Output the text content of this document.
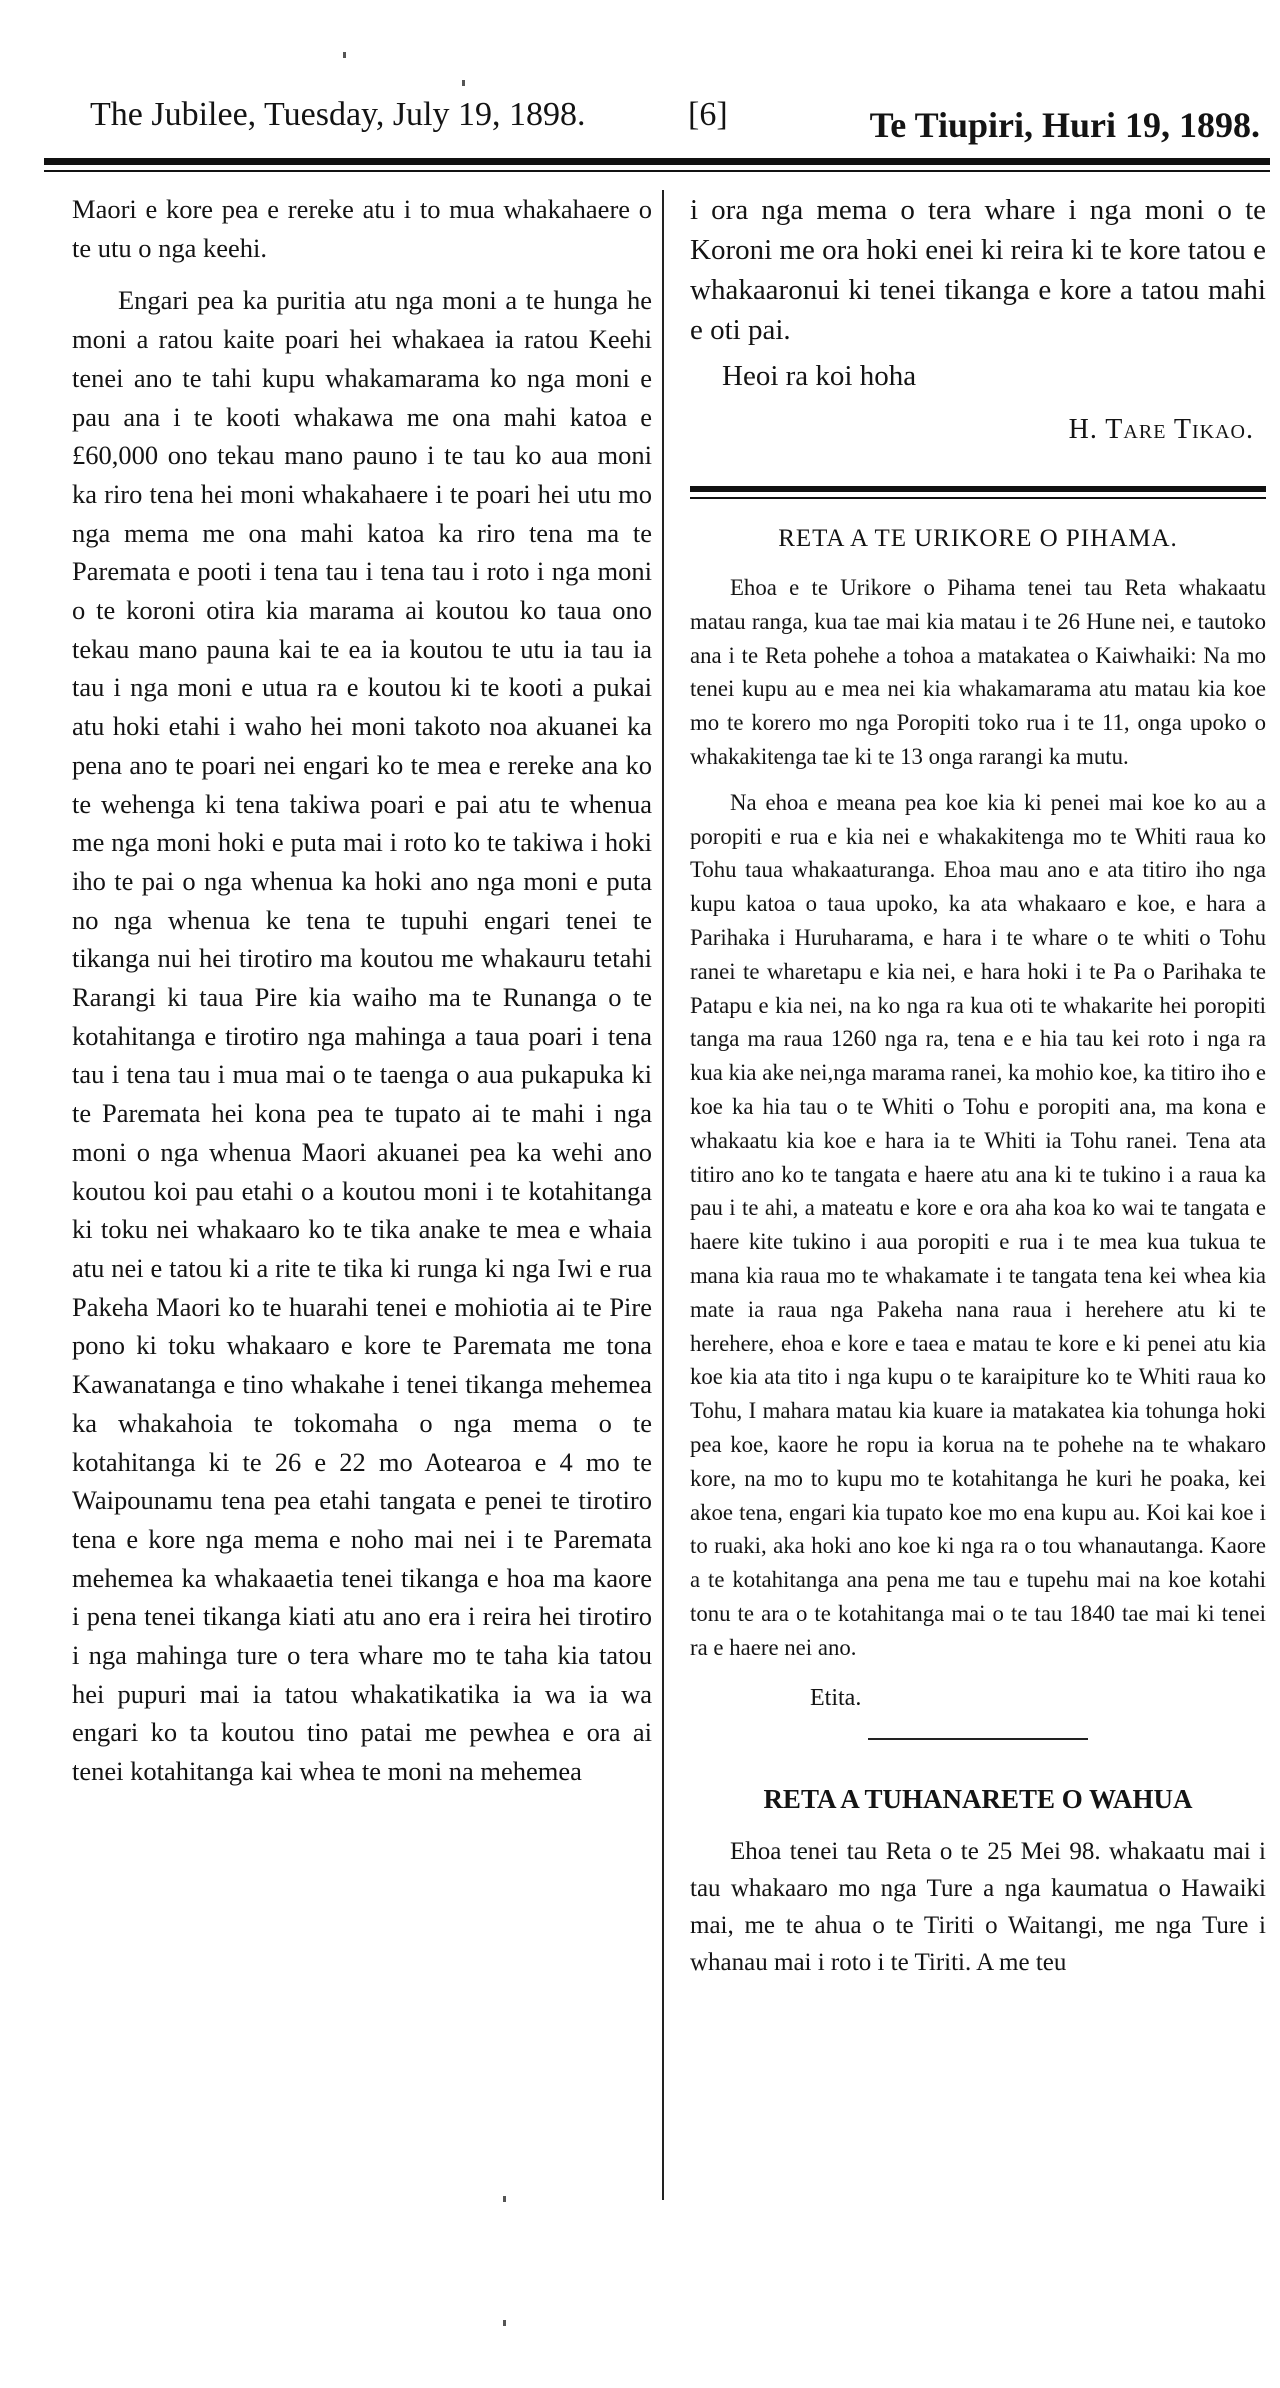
The Jubilee, Tuesday, July 19, 1898.	[6]	Te Tiupiri, Huri 19, 1898.

Maori e kore pea e rereke atu i to mua whakahaere o te utu o nga keehi.

Engari pea ka puritia atu nga moni a te hunga he moni a ratou kaite poari hei whakaea ia ratou Keehi tenei ano te tahi kupu whakamarama ko nga moni e pau ana i te kooti whakawa me ona mahi katoa e £60,000 ono tekau mano pauno i te tau ko aua moni ka riro tena hei moni whakahaere i te poari hei utu mo nga mema me ona mahi katoa ka riro tena ma te Paremata e pooti i tena tau i tena tau i roto i nga moni o te koroni otira kia marama ai koutou ko taua ono tekau mano pauna kai te ea ia koutou te utu ia tau ia tau i nga moni e utua ra e koutou ki te kooti a pukai atu hoki etahi i waho hei moni takoto noa akuanei ka pena ano te poari nei engari ko te mea e rereke ana ko te wehenga ki tena takiwa poari e pai atu te whenua me nga moni hoki e puta mai i roto ko te takiwa i hoki iho te pai o nga whenua ka hoki ano nga moni e puta no nga whenua ke tena te tupuhi engari tenei te tikanga nui hei tirotiro ma koutou me whakauru tetahi Rarangi ki taua Pire kia waiho ma te Runanga o te kotahitanga e tirotiro nga mahinga a taua poari i tena tau i tena tau i mua mai o te taenga o aua pukapuka ki te Paremata hei kona pea te tupato ai te mahi i nga moni o nga whenua Maori akuanei pea ka wehi ano koutou koi pau etahi o a koutou moni i te kotahitanga ki toku nei whakaaro ko te tika anake te mea e whaia atu nei e tatou ki a rite te tika ki runga ki nga Iwi e rua Pakeha Maori ko te huarahi tenei e mohiotia ai te Pire pono ki toku whakaaro e kore te Paremata me tona Kawanatanga e tino whakahe i tenei tikanga mehemea ka whakahoia te tokomaha o nga mema o te kotahitanga ki te 26 e 22 mo Aotearoa e 4 mo te Waipounamu tena pea etahi tangata e penei te tirotiro tena e kore nga mema e noho mai nei i te Paremata mehemea ka whakaaetia tenei tikanga e hoa ma kaore i pena tenei tikanga kiati atu ano era i reira hei tirotiro i nga mahinga ture o tera whare mo te taha kia tatou hei pupuri mai ia tatou whakatikatika ia wa ia wa engari ko ta koutou tino patai me pewhea e ora ai tenei kotahitanga kai whea te moni na mehemea

i ora nga mema o tera whare i nga moni o te Koroni me ora hoki enei ki reira ki te kore tatou e whakaaronui ki tenei tikanga e kore a tatou mahi e oti pai.

Heoi ra koi hoha
H. Tare Tikao.
RETA A TE URIKORE O PIHAMA.

Ehoa e te Urikore o Pihama tenei tau Reta whakaatu matau ranga, kua tae mai kia matau i te 26 Hune nei, e tautoko ana i te Reta pohehe a tohoa a matakatea o Kaiwhaiki: Na mo tenei kupu au e mea nei kia whakamarama atu matau kia koe mo te korero mo nga Poropiti toko rua i te 11, onga upoko o whakakitenga tae ki te 13 onga rarangi ka mutu.

Na ehoa e meana pea koe kia ki penei mai koe ko au a poropiti e rua e kia nei e whakakitenga mo te Whiti raua ko Tohu taua whakaaturanga. Ehoa mau ano e ata titiro iho nga kupu katoa o taua upoko, ka ata whakaaro e koe, e hara a Parihaka i Huruharama, e hara i te whare o te whiti o Tohu ranei te wharetapu e kia nei, e hara hoki i te Pa o Parihaka te Patapu e kia nei, na ko nga ra kua oti te whakarite hei poropiti tanga ma raua 1260 nga ra, tena e e hia tau kei roto i nga ra kua kia ake nei,nga marama ranei, ka mohio koe, ka titiro iho e koe ka hia tau o te Whiti o Tohu e poropiti ana, ma kona e whakaatu kia koe e hara ia te Whiti ia Tohu ranei. Tena ata titiro ano ko te tangata e haere atu ana ki te tukino i a raua ka pau i te ahi, a mateatu e kore e ora aha koa ko wai te tangata e haere kite tukino i aua poropiti e rua i te mea kua tukua te mana kia raua mo te whakamate i te tangata tena kei whea kia mate ia raua nga Pakeha nana raua i herehere atu ki te herehere, ehoa e kore e taea e matau te kore e ki penei atu kia koe kia ata tito i nga kupu o te karaipiture ko te Whiti raua ko Tohu, I mahara matau kia kuare ia matakatea kia tohunga hoki pea koe, kaore he ropu ia korua na te pohehe na te whakaro kore, na mo to kupu mo te kotahitanga he kuri he poaka, kei akoe tena, engari kia tupato koe mo ena kupu au. Koi kai koe i to ruaki, aka hoki ano koe ki nga ra o tou whanautanga. Kaore a te kotahitanga ana pena me tau e tupehu mai na koe kotahi tonu te ara o te kotahitanga mai o te tau 1840 tae mai ki tenei ra e haere nei ano.

Etita.
RETA A TUHANARETE O WAHUA

Ehoa tenei tau Reta o te 25 Mei 98. whakaatu mai i tau whakaaro mo nga Ture a nga kaumatua o Hawaiki mai, me te ahua o te Tiriti o Waitangi, me nga Ture i whanau mai i roto i te Tiriti. A me teu
